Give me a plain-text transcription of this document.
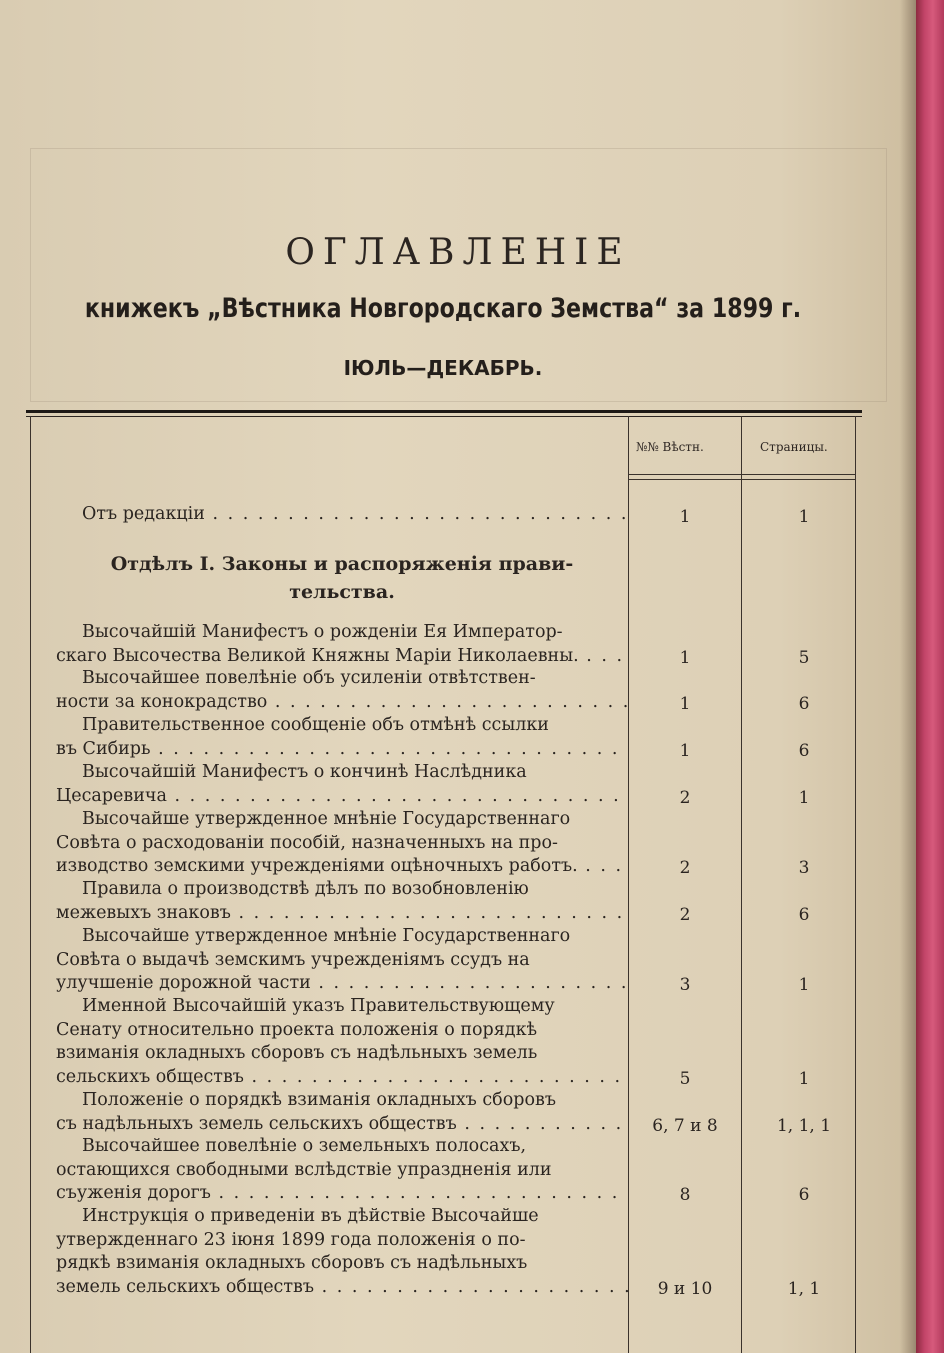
ОГЛАВЛЕНІЕ
книжекъ „Вѣстника Новгородскаго Земства“ за 1899 г.
ІЮЛЬ—ДЕКАБРЬ.
№№ Вѣстн.	Страницы.
Отъ редакціи . . .	1	1
Отдѣлъ I. Законы и распоряженія прави-
тельства.
Высочайшій Манифестъ о рожденіи Ея Император-
скаго Высочества Великой Княжны Маріи Николаевны. . . .	1	5
Высочайшее повелѣніе объ усиленіи отвѣтствен-
ности за конокрадство . . .	1	6
Правительственное сообщеніе объ отмѣнѣ ссылки
въ Сибирь . . .	1	6
Высочайшій Манифестъ о кончинѣ Наслѣдника
Цесаревича . . .	2	1
Высочайше утвержденное мнѣніе Государственнаго
Совѣта о расходованіи пособій, назначенныхъ на про-
изводство земскими учрежденіями оцѣночныхъ работъ. . . .	2	3
Правила о производствѣ дѣлъ по возобновленію
межевыхъ знаковъ . . .	2	6
Высочайше утвержденное мнѣніе Государственнаго
Совѣта о выдачѣ земскимъ учрежденіямъ ссудъ на
улучшеніе дорожной части . . .	3	1
Именной Высочайшій указъ Правительствующему
Сенату относительно проекта положенія о порядкѣ
взиманія окладныхъ сборовъ съ надѣльныхъ земель
сельскихъ обществъ . . .	5	1
Положеніе о порядкѣ взиманія окладныхъ сборовъ
съ надѣльныхъ земель сельскихъ обществъ . . .	6, 7 и 8	1, 1, 1
Высочайшее повелѣніе о земельныхъ полосахъ,
остающихся свободными вслѣдствіе упраздненія или
съуженія дорогъ . . .	8	6
Инструкція о приведеніи въ дѣйствіе Высочайше
утвержденнаго 23 іюня 1899 года положенія о по-
рядкѣ взиманія окладныхъ сборовъ съ надѣльныхъ
земель сельскихъ обществъ . . .	9 и 10	1, 1
